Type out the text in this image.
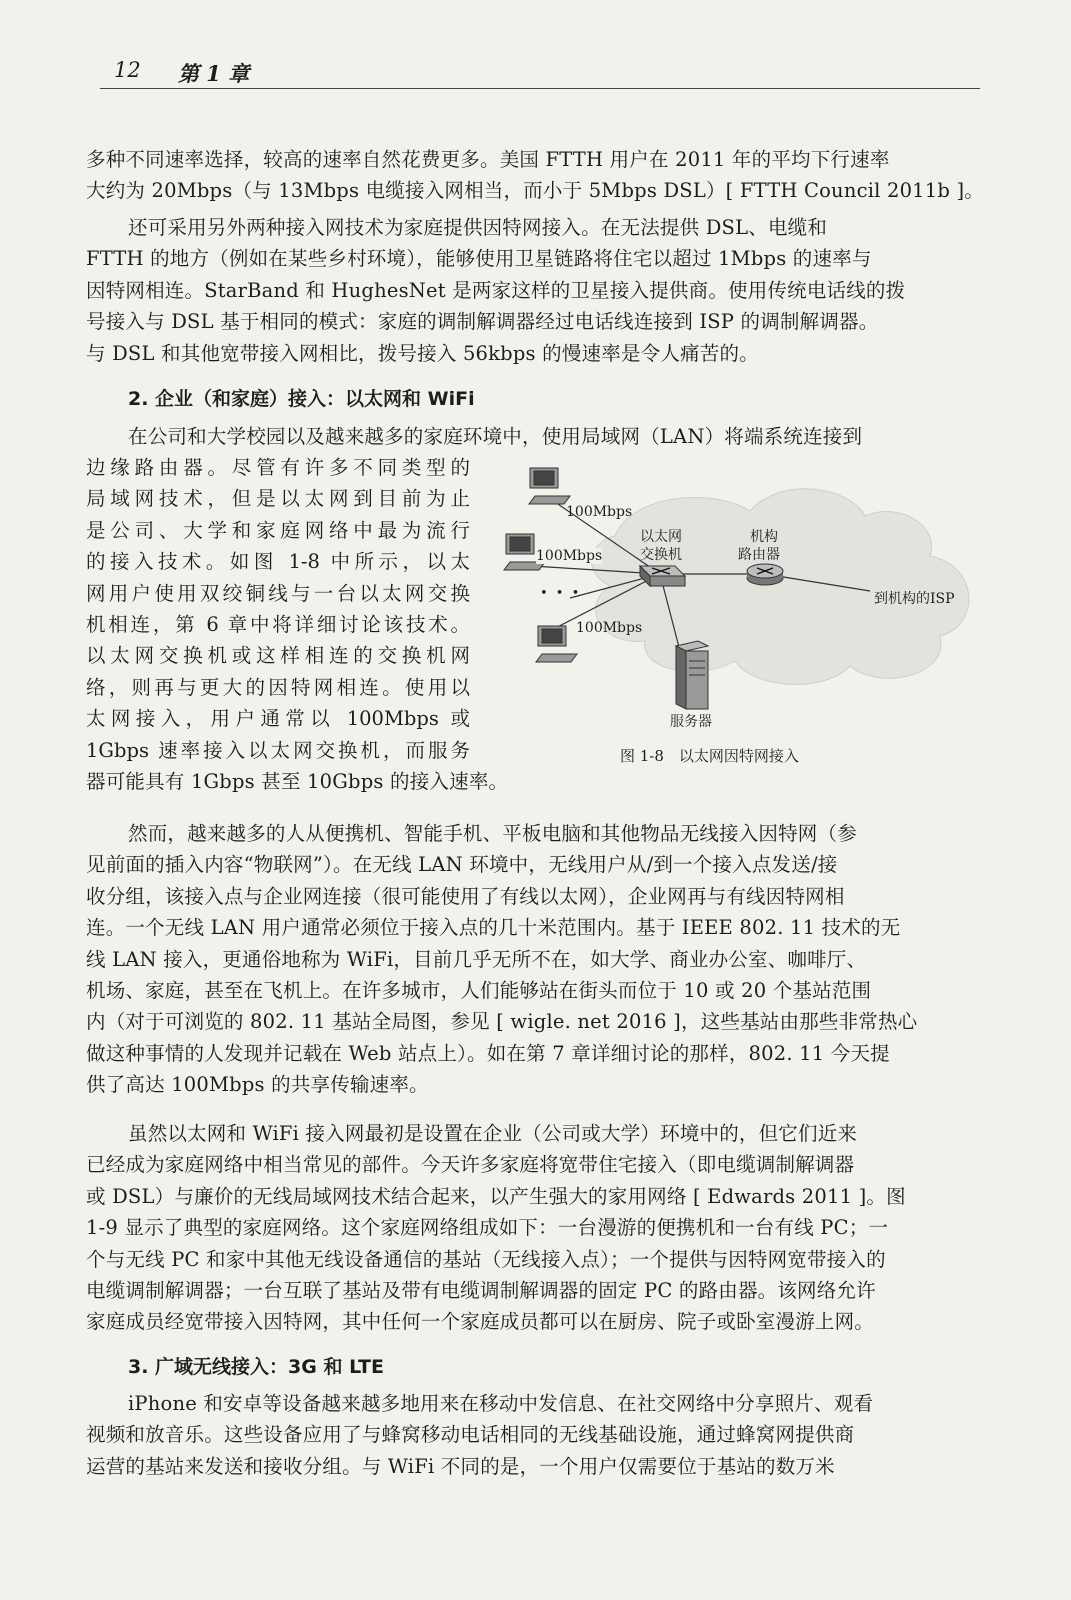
12 第 1 章

多种不同速率选择，较高的速率自然花费更多。美国 FTTH 用户在 2011 年的平均下行速率

大约为 20Mbps（与 13Mbps 电缆接入网相当，而小于 5Mbps DSL）[ FTTH Council 2011b ]。

还可采用另外两种接入网技术为家庭提供因特网接入。在无法提供 DSL、电缆和

FTTH 的地方（例如在某些乡村环境），能够使用卫星链路将住宅以超过 1Mbps 的速率与

因特网相连。StarBand 和 HughesNet 是两家这样的卫星接入提供商。使用传统电话线的拨

号接入与 DSL 基于相同的模式：家庭的调制解调器经过电话线连接到 ISP 的调制解调器。

与 DSL 和其他宽带接入网相比，拨号接入 56kbps 的慢速率是令人痛苦的。

2. 企业（和家庭）接入：以太网和 WiFi

在公司和大学校园以及越来越多的家庭环境中，使用局域网（LAN）将端系统连接到

边缘路由器。尽管有许多不同类型的

局域网技术，但是以太网到目前为止

是公司、大学和家庭网络中最为流行

的接入技术。如图 1-8 中所示，以太

网用户使用双绞铜线与一台以太网交换

机相连，第 6 章中将详细讨论该技术。

以太网交换机或这样相连的交换机网

络，则再与更大的因特网相连。使用以

太网接入，用户通常以 100Mbps 或

1Gbps 速率接入以太网交换机，而服务

器可能具有 1Gbps 甚至 10Gbps 的接入速率。

100Mbps
100Mbps
100Mbps
以太网
交换机
机构
路由器
到机构的ISP
• • •
服务器
图 1-8　以太网因特网接入

然而，越来越多的人从便携机、智能手机、平板电脑和其他物品无线接入因特网（参

见前面的插入内容“物联网”）。在无线 LAN 环境中，无线用户从/到一个接入点发送/接

收分组，该接入点与企业网连接（很可能使用了有线以太网），企业网再与有线因特网相

连。一个无线 LAN 用户通常必须位于接入点的几十米范围内。基于 IEEE 802. 11 技术的无

线 LAN 接入，更通俗地称为 WiFi，目前几乎无所不在，如大学、商业办公室、咖啡厅、

机场、家庭，甚至在飞机上。在许多城市，人们能够站在街头而位于 10 或 20 个基站范围

内（对于可浏览的 802. 11 基站全局图，参见 [ wigle. net 2016 ]，这些基站由那些非常热心

做这种事情的人发现并记载在 Web 站点上）。如在第 7 章详细讨论的那样，802. 11 今天提

供了高达 100Mbps 的共享传输速率。

虽然以太网和 WiFi 接入网最初是设置在企业（公司或大学）环境中的，但它们近来

已经成为家庭网络中相当常见的部件。今天许多家庭将宽带住宅接入（即电缆调制解调器

或 DSL）与廉价的无线局域网技术结合起来，以产生强大的家用网络 [ Edwards 2011 ]。图

1-9 显示了典型的家庭网络。这个家庭网络组成如下：一台漫游的便携机和一台有线 PC；一

个与无线 PC 和家中其他无线设备通信的基站（无线接入点）；一个提供与因特网宽带接入的

电缆调制解调器；一台互联了基站及带有电缆调制解调器的固定 PC 的路由器。该网络允许

家庭成员经宽带接入因特网，其中任何一个家庭成员都可以在厨房、院子或卧室漫游上网。

3. 广域无线接入：3G 和 LTE

iPhone 和安卓等设备越来越多地用来在移动中发信息、在社交网络中分享照片、观看

视频和放音乐。这些设备应用了与蜂窝移动电话相同的无线基础设施，通过蜂窝网提供商

运营的基站来发送和接收分组。与 WiFi 不同的是，一个用户仅需要位于基站的数万米
